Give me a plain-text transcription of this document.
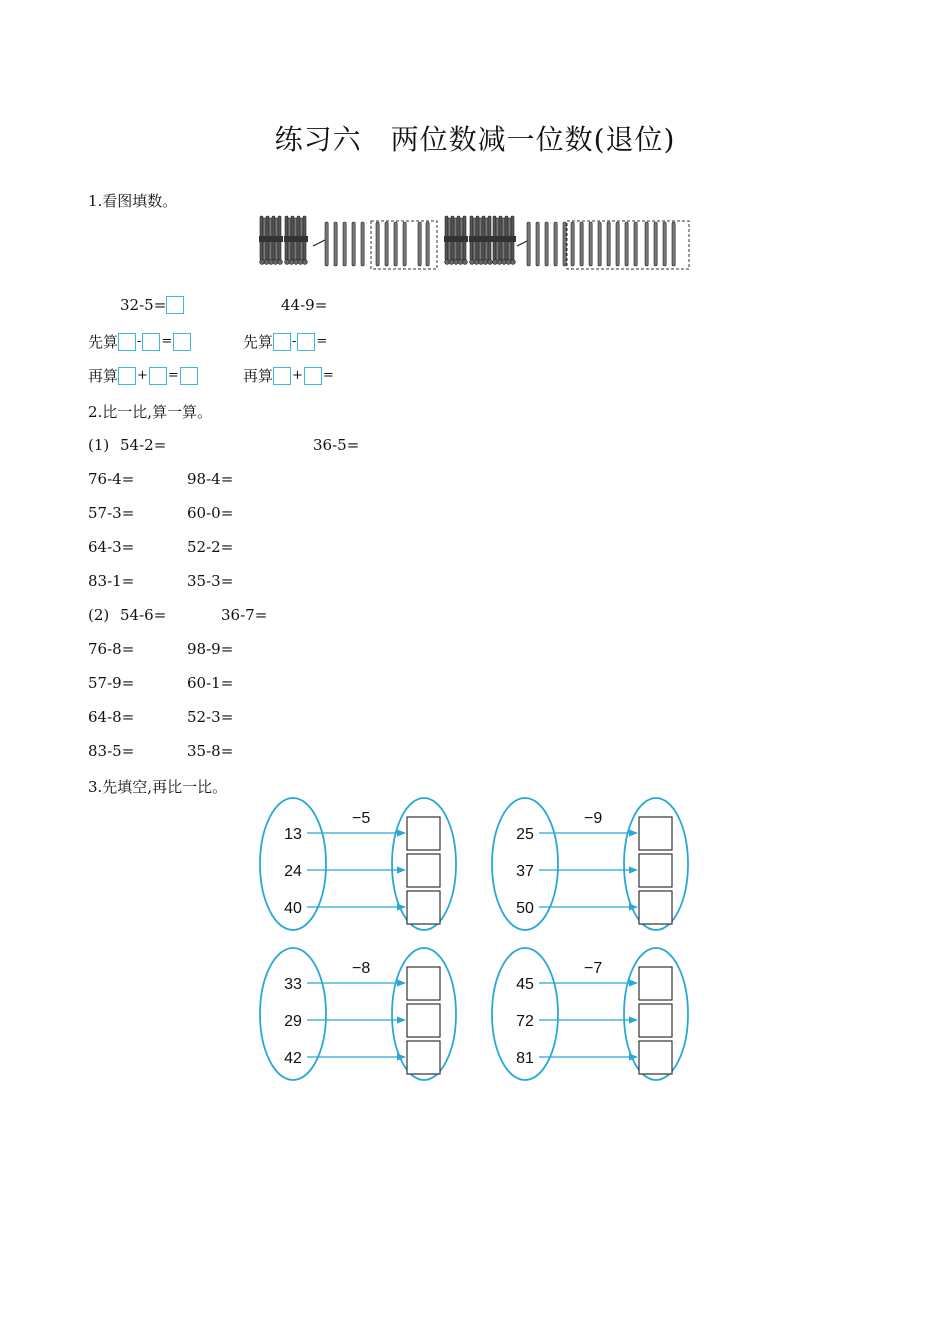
练习六　两位数减一位数(退位)
1.看图填数。
32-5=
先算 - =
再算 + =
44-9=
先算 - =
再算 + =
2.比一比,算一算。
(1) 54-2=	36-5=
76-4=	98-4=
57-3=	60-0=
64-3=	52-2=
83-1=	35-3=
(2) 54-6=	36-7=
76-8=	98-9=
57-9=	60-1=
64-8=	52-3=
83-5=	35-8=
3.先填空,再比一比。
−5
13
24
40
−9
25
37
50
−8
33
29
42
−7
45
72
81
